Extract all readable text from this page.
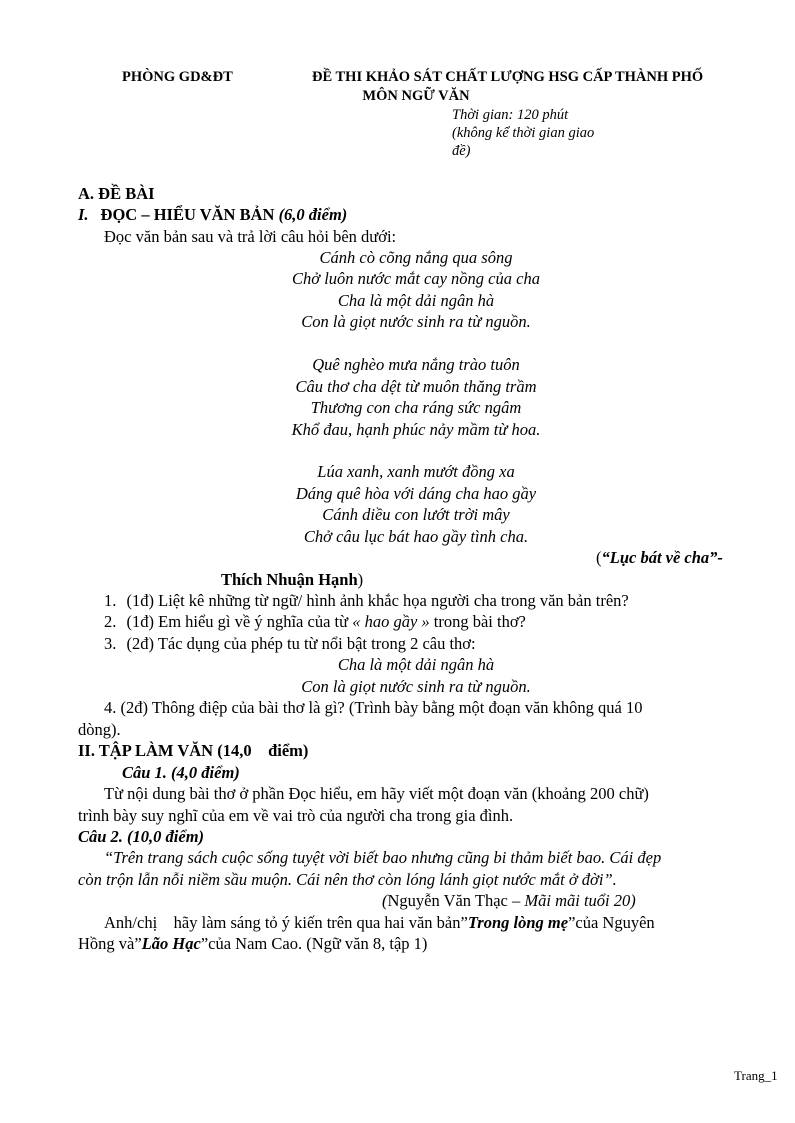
PHÒNG GD&ĐT	ĐỀ THI KHẢO SÁT CHẤT LƯỢNG HSG CẤP THÀNH PHỐ
MÔN NGỮ VĂN
Thời gian: 120 phút
(không kể thời gian giao
đề)
A. ĐỀ BÀI
I. ĐỌC – HIỂU VĂN BẢN (6,0 điểm)
Đọc văn bản sau và trả lời câu hỏi bên dưới:
Cánh cò cõng nắng qua sông
Chở luôn nước mắt cay nồng của cha
Cha là một dải ngân hà
Con là giọt nước sinh ra từ nguồn.
Quê nghèo mưa nắng trào tuôn
Câu thơ cha dệt từ muôn thăng trầm
Thương con cha ráng sức ngâm
Khổ đau, hạnh phúc nảy mầm từ hoa.
Lúa xanh, xanh mướt đồng xa
Dáng quê hòa với dáng cha hao gầy
Cánh diều con lướt trời mây
Chở câu lục bát hao gầy tình cha.
(“Lục bát về cha”-
Thích Nhuận Hạnh)
1. (1đ) Liệt kê những từ ngữ/ hình ảnh khắc họa người cha trong văn bản trên?
2. (1đ) Em hiểu gì về ý nghĩa của từ « hao gầy » trong bài thơ?
3. (2đ) Tác dụng của phép tu từ nổi bật trong 2 câu thơ:
Cha là một dải ngân hà
Con là giọt nước sinh ra từ nguồn.
4. (2đ) Thông điệp của bài thơ là gì? (Trình bày bằng một đoạn văn không quá 10
dòng).
II. TẬP LÀM VĂN (14,0    điểm)
Câu 1. (4,0 điểm)
Từ nội dung bài thơ ở phần Đọc hiểu, em hãy viết một đoạn văn (khoảng 200 chữ)
trình bày suy nghĩ của em về vai trò của người cha trong gia đình.
Câu 2. (10,0 điểm)
“Trên trang sách cuộc sống tuyệt vời biết bao nhưng cũng bi thảm biết bao. Cái đẹp
còn trộn lẫn nỗi niềm sầu muộn. Cái nên thơ còn lóng lánh giọt nước mắt ở đời”.
(Nguyễn Văn Thạc – Mãi mãi tuổi 20)
Anh/chị    hãy làm sáng tỏ ý kiến trên qua hai văn bản”Trong lòng mẹ”của Nguyên
Hồng và”Lão Hạc”của Nam Cao. (Ngữ văn 8, tập 1)
Trang_1
